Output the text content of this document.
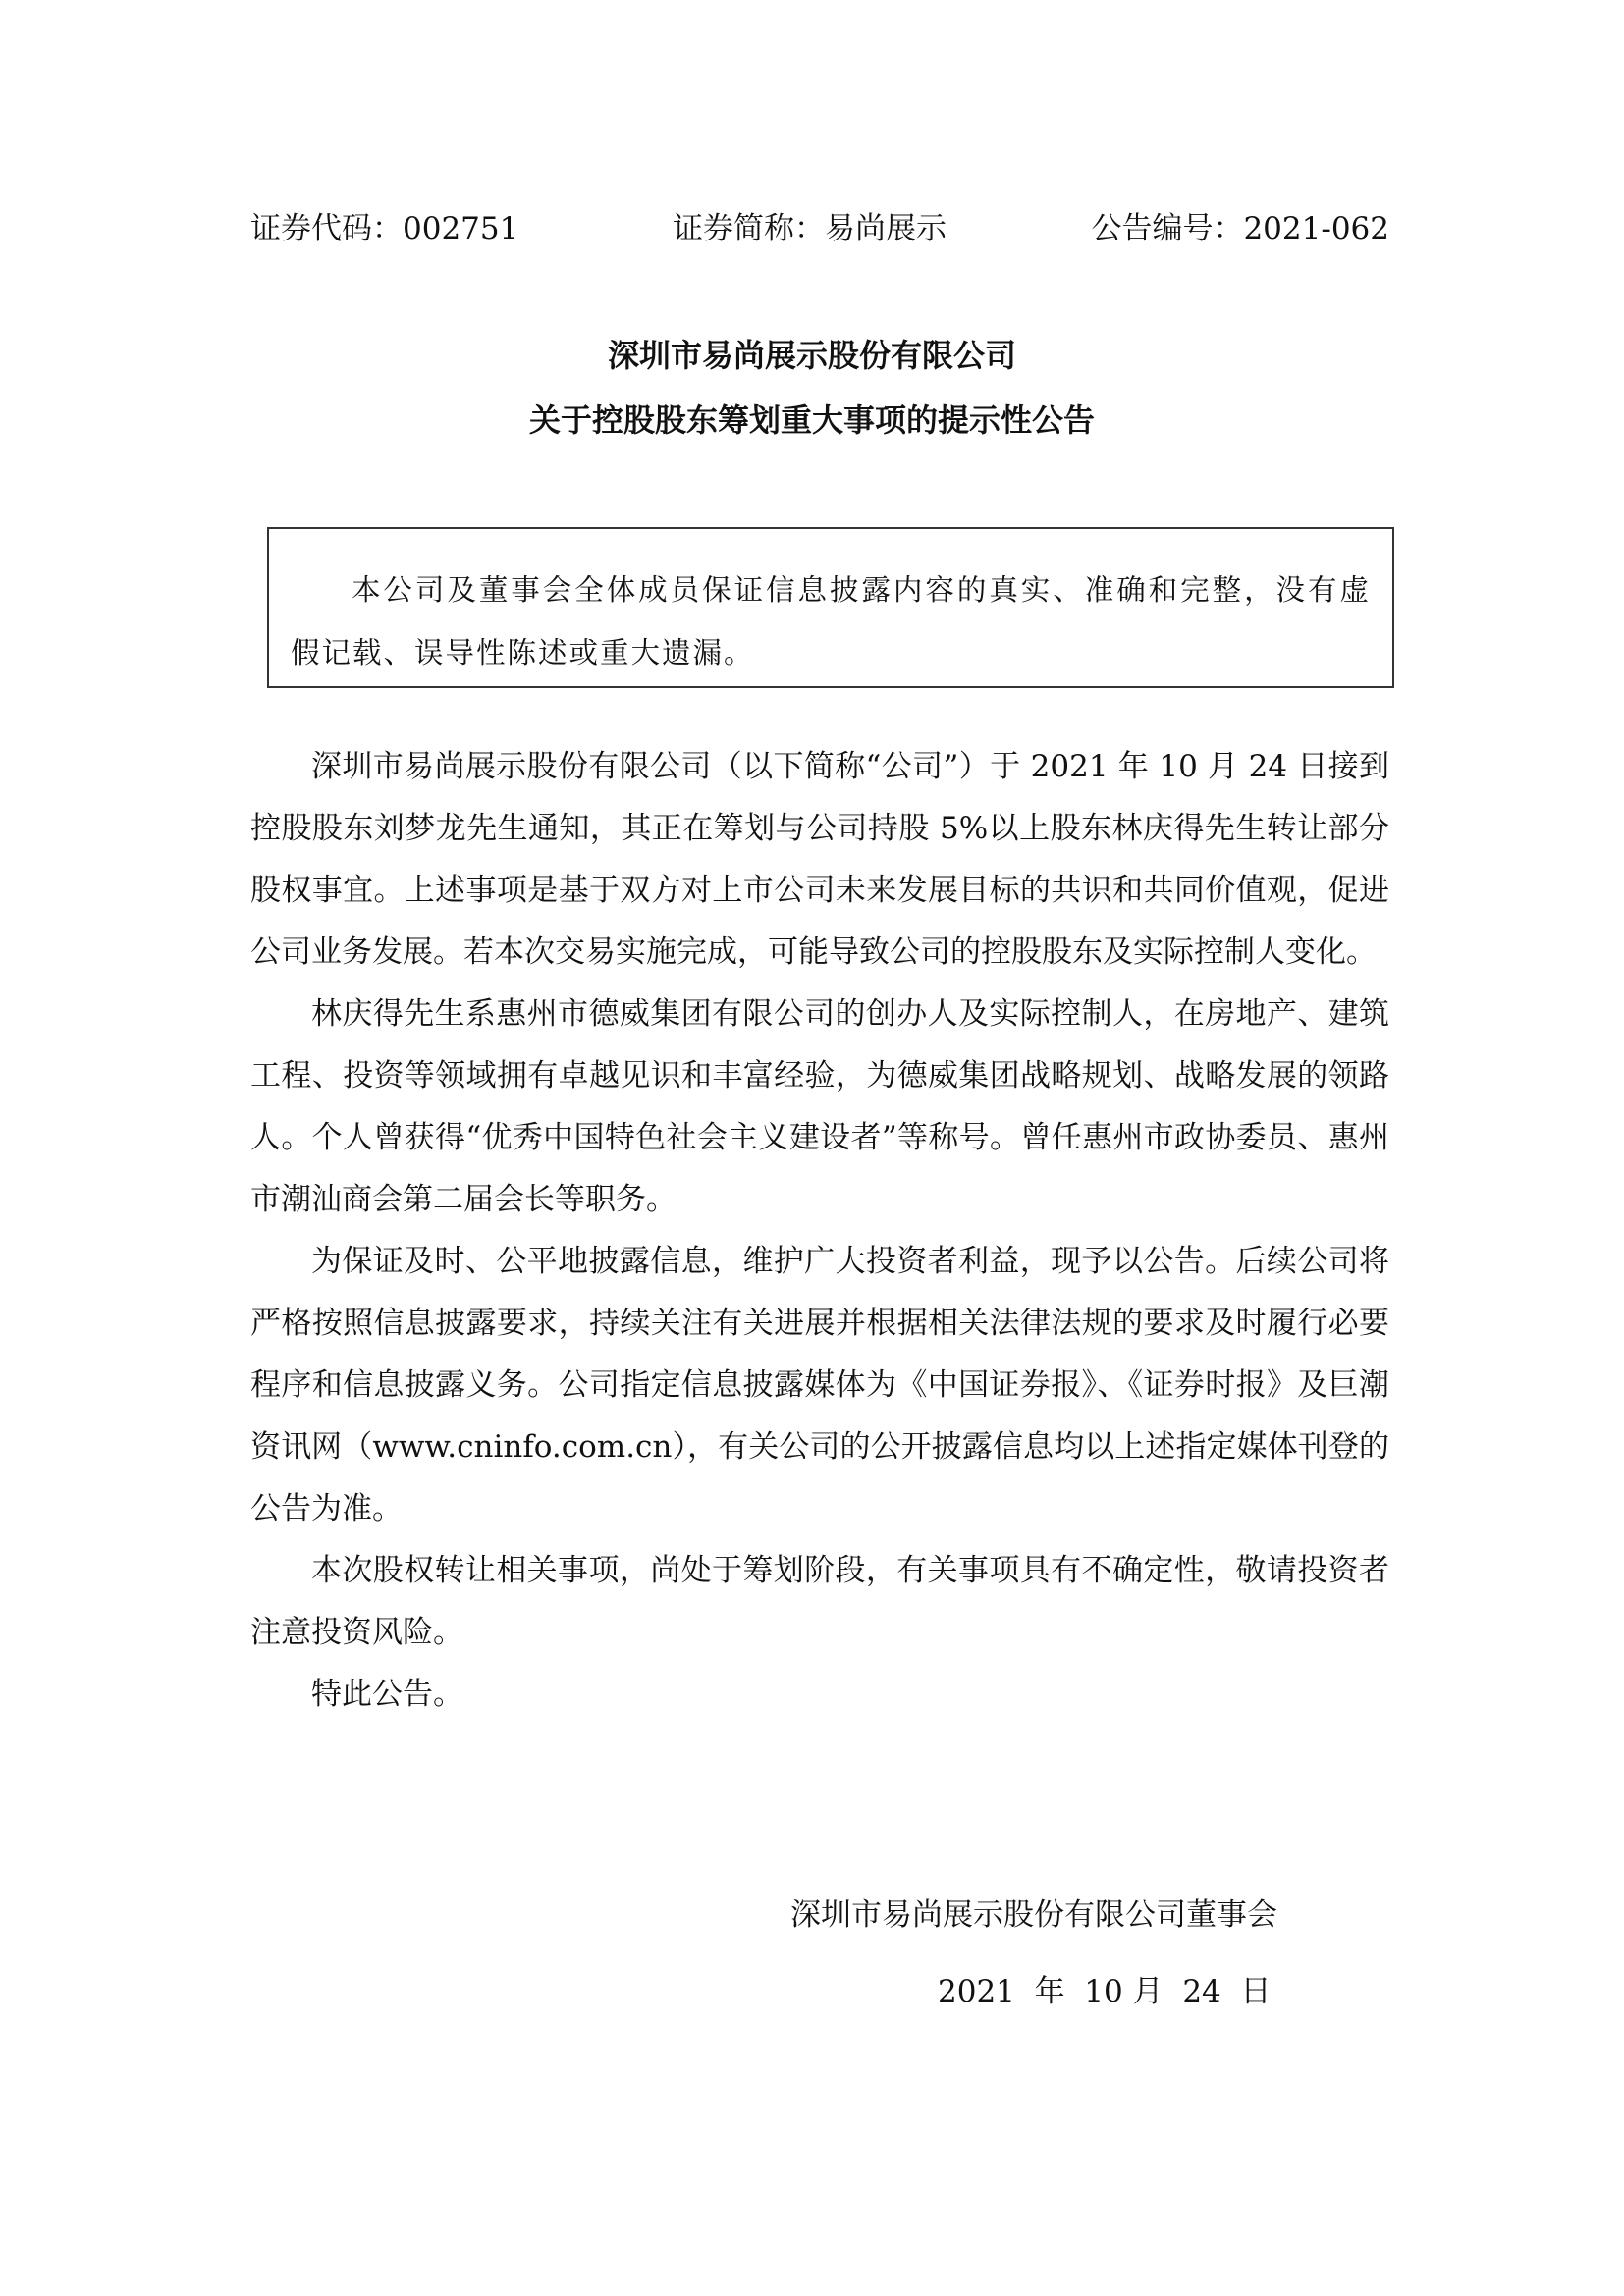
证券代码：002751	证券简称：易尚展示	公告编号：2021-062
深圳市易尚展示股份有限公司
关于控股股东筹划重大事项的提示性公告
本公司及董事会全体成员保证信息披露内容的真实、准确和完整，没有虚假记载、误导性陈述或重大遗漏。

深圳市易尚展示股份有限公司（以下简称“公司”）于 2021 年 10 月 24 日接到控股股东刘梦龙先生通知，其正在筹划与公司持股 5%以上股东林庆得先生转让部分股权事宜。上述事项是基于双方对上市公司未来发展目标的共识和共同价值观，促进公司业务发展。若本次交易实施完成，可能导致公司的控股股东及实际控制人变化。

林庆得先生系惠州市德威集团有限公司的创办人及实际控制人，在房地产、建筑工程、投资等领域拥有卓越见识和丰富经验，为德威集团战略规划、战略发展的领路人。个人曾获得“优秀中国特色社会主义建设者”等称号。曾任惠州市政协委员、惠州市潮汕商会第二届会长等职务。

为保证及时、公平地披露信息，维护广大投资者利益，现予以公告。后续公司将严格按照信息披露要求，持续关注有关进展并根据相关法律法规的要求及时履行必要程序和信息披露义务。公司指定信息披露媒体为《中国证券报》、《证券时报》及巨潮资讯网（www.cninfo.com.cn），有关公司的公开披露信息均以上述指定媒体刊登的公告为准。

本次股权转让相关事项，尚处于筹划阶段，有关事项具有不确定性，敬请投资者注意投资风险。

特此公告。

深圳市易尚展示股份有限公司董事会
2021  年  10 月  24  日
